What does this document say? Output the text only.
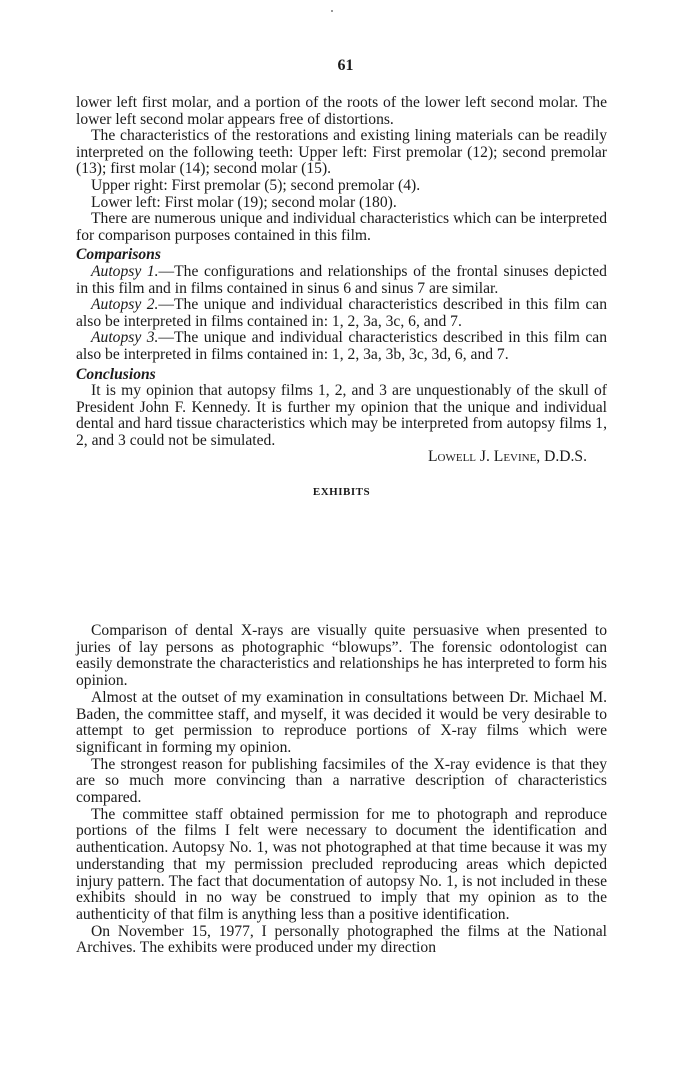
61

lower left first molar, and a portion of the roots of the lower left second molar. The lower left second molar appears free of distortions.

The characteristics of the restorations and existing lining materials can be readily interpreted on the following teeth: Upper left: First premolar (12); second premolar (13); first molar (14); second molar (15).

Upper right: First premolar (5); second premolar (4).

Lower left: First molar (19); second molar (180).

There are numerous unique and individual characteristics which can be interpreted for comparison purposes contained in this film.

Comparisons

Autopsy 1.—The configurations and relationships of the frontal sinuses depicted in this film and in films contained in sinus 6 and sinus 7 are similar.

Autopsy 2.—The unique and individual characteristics described in this film can also be interpreted in films contained in: 1, 2, 3a, 3c, 6, and 7.

Autopsy 3.—The unique and individual characteristics described in this film can also be interpreted in films contained in: 1, 2, 3a, 3b, 3c, 3d, 6, and 7.

Conclusions

It is my opinion that autopsy films 1, 2, and 3 are unquestionably of the skull of President John F. Kennedy. It is further my opinion that the unique and individual dental and hard tissue characteristics which may be interpreted from autopsy films 1, 2, and 3 could not be simulated.

Lowell J. Levine, D.D.S.

EXHIBITS

Comparison of dental X-rays are visually quite persuasive when presented to juries of lay persons as photographic “blowups”. The forensic odontologist can easily demonstrate the characteristics and relationships he has interpreted to form his opinion.

Almost at the outset of my examination in consultations between Dr. Michael M. Baden, the committee staff, and myself, it was decided it would be very desirable to attempt to get permission to reproduce portions of X-ray films which were significant in forming my opinion.

The strongest reason for publishing facsimiles of the X-ray evidence is that they are so much more convincing than a narrative description of characteristics compared.

The committee staff obtained permission for me to photograph and reproduce portions of the films I felt were necessary to document the identification and authentication. Autopsy No. 1, was not photographed at that time because it was my understanding that my permission precluded reproducing areas which depicted injury pattern. The fact that documentation of autopsy No. 1, is not included in these exhibits should in no way be construed to imply that my opinion as to the authenticity of that film is anything less than a positive identification.

On November 15, 1977, I personally photographed the films at the National Archives. The exhibits were produced under my direction
